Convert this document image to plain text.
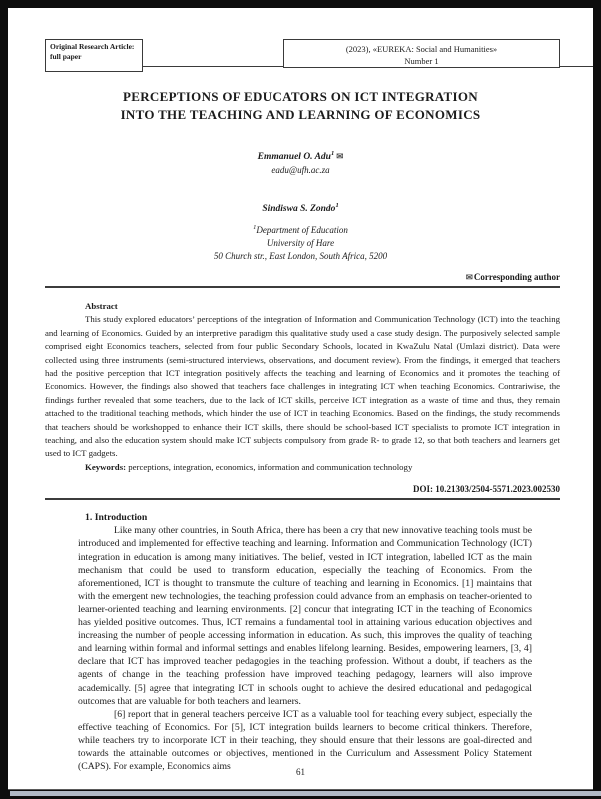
Original Research Article:
full paper
(2023), «EUREKA: Social and Humanities»
Number 1
PERCEPTIONS OF EDUCATORS ON ICT INTEGRATION
INTO THE TEACHING AND LEARNING OF ECONOMICS
Emmanuel O. Adu$^1$ ✉
eadu@ufh.ac.za
Sindiswa S. Zondo$^1$
$^1$Department of Education
University of Hare
50 Church str., East London, South Africa, 5200
✉Corresponding author
Abstract

This study explored educators’ perceptions of the integration of Information and Communication Technology (ICT) into the teaching and learning of Economics. Guided by an interpretive paradigm this qualitative study used a case study design. The purposively selected sample comprised eight Economics teachers, selected from four public Secondary Schools, located in KwaZulu Natal (Umlazi district). Data were collected using three instruments (semi-structured interviews, observations, and document review). From the findings, it emerged that teachers had the positive perception that ICT integration positively affects the teaching and learning of Economics and it promotes the teaching of Economics. However, the findings also showed that teachers face challenges in integrating ICT when teaching Economics. Contrariwise, the findings further revealed that some teachers, due to the lack of ICT skills, perceive ICT integration as a waste of time and thus, they remain attached to the traditional teaching methods, which hinder the use of ICT in teaching Economics. Based on the findings, the study recommends that teachers should be workshopped to enhance their ICT skills, there should be school-based ICT specialists to promote ICT integration in teaching, and also the education system should make ICT subjects compulsory from grade R- to grade 12, so that both teachers and learners get used to ICT gadgets.

Keywords: perceptions, integration, economics, information and communication technology

DOI: 10.21303/2504-5571.2023.002530
1. Introduction

Like many other countries, in South Africa, there has been a cry that new innovative teaching tools must be introduced and implemented for effective teaching and learning. Information and Communication Technology (ICT) integration in education is among many initiatives. The belief, vested in ICT integration, labelled ICT as the main mechanism that could be used to transform education, especially the teaching of Economics. From the aforementioned, ICT is thought to transmute the culture of teaching and learning in Economics. [1] maintains that with the emergent new technologies, the teaching profession could advance from an emphasis on teacher-oriented to learner-oriented teaching and learning environments. [2] concur that integrating ICT in the teaching of Economics has yielded positive outcomes. Thus, ICT remains a fundamental tool in attaining various education objectives and increasing the number of people accessing information in education. As such, this improves the quality of teaching and learning within formal and informal settings and enables lifelong learning. Besides, empowering learners, [3, 4] declare that ICT has improved teacher pedagogies in the teaching profession. Without a doubt, if teachers as the agents of change in the teaching profession have improved teaching pedagogy, learners will also improve academically. [5] agree that integrating ICT in schools ought to achieve the desired educational and pedagogical outcomes that are valuable for both teachers and learners.

[6] report that in general teachers perceive ICT as a valuable tool for teaching every subject, especially the effective teaching of Economics. For [5], ICT integration builds learners to become critical thinkers. Therefore, while teachers try to incorporate ICT in their teaching, they should ensure that their lessons are goal-directed and towards the attainable outcomes or objectives, mentioned in the Curriculum and Assessment Policy Statement (CAPS). For example, Economics aims	61
